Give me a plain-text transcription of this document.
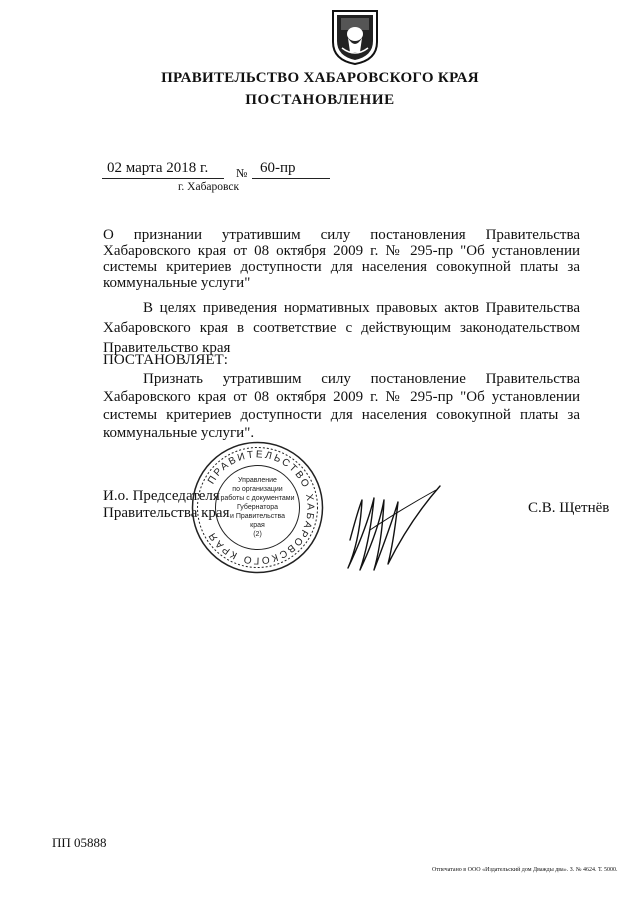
ПРАВИТЕЛЬСТВО ХАБАРОВСКОГО КРАЯ
ПОСТАНОВЛЕНИЕ
02 марта 2018 г. № 60-пр
г. Хабаровск
О признании утратившим силу постановления Правительства Хабаровского края от 08 октября 2009 г. № 295-пр "Об установлении системы критериев доступности для населения совокупной платы за коммунальные услуги"
В целях приведения нормативных правовых актов Правительства Хабаровского края в соответствие с действующим законодательством Правительство края
ПОСТАНОВЛЯЕТ:
Признать утратившим силу постановление Правительства Хабаровского края от 08 октября 2009 г. № 295-пр "Об установлении системы критериев доступности для населения совокупной платы за коммунальные услуги".
И.о. Председателя
Правительства края	С.В. Щетнёв
ПРАВИТЕЛЬСТВО ХАБАРОВСКОГО КРАЯ
Управление
по организации
работы с документами
Губернатора
и Правительства
края
(2)
ПП 05888
Отпечатано в ООО «Издательский дом Дважды два». З. № 4624. Т. 5000.
